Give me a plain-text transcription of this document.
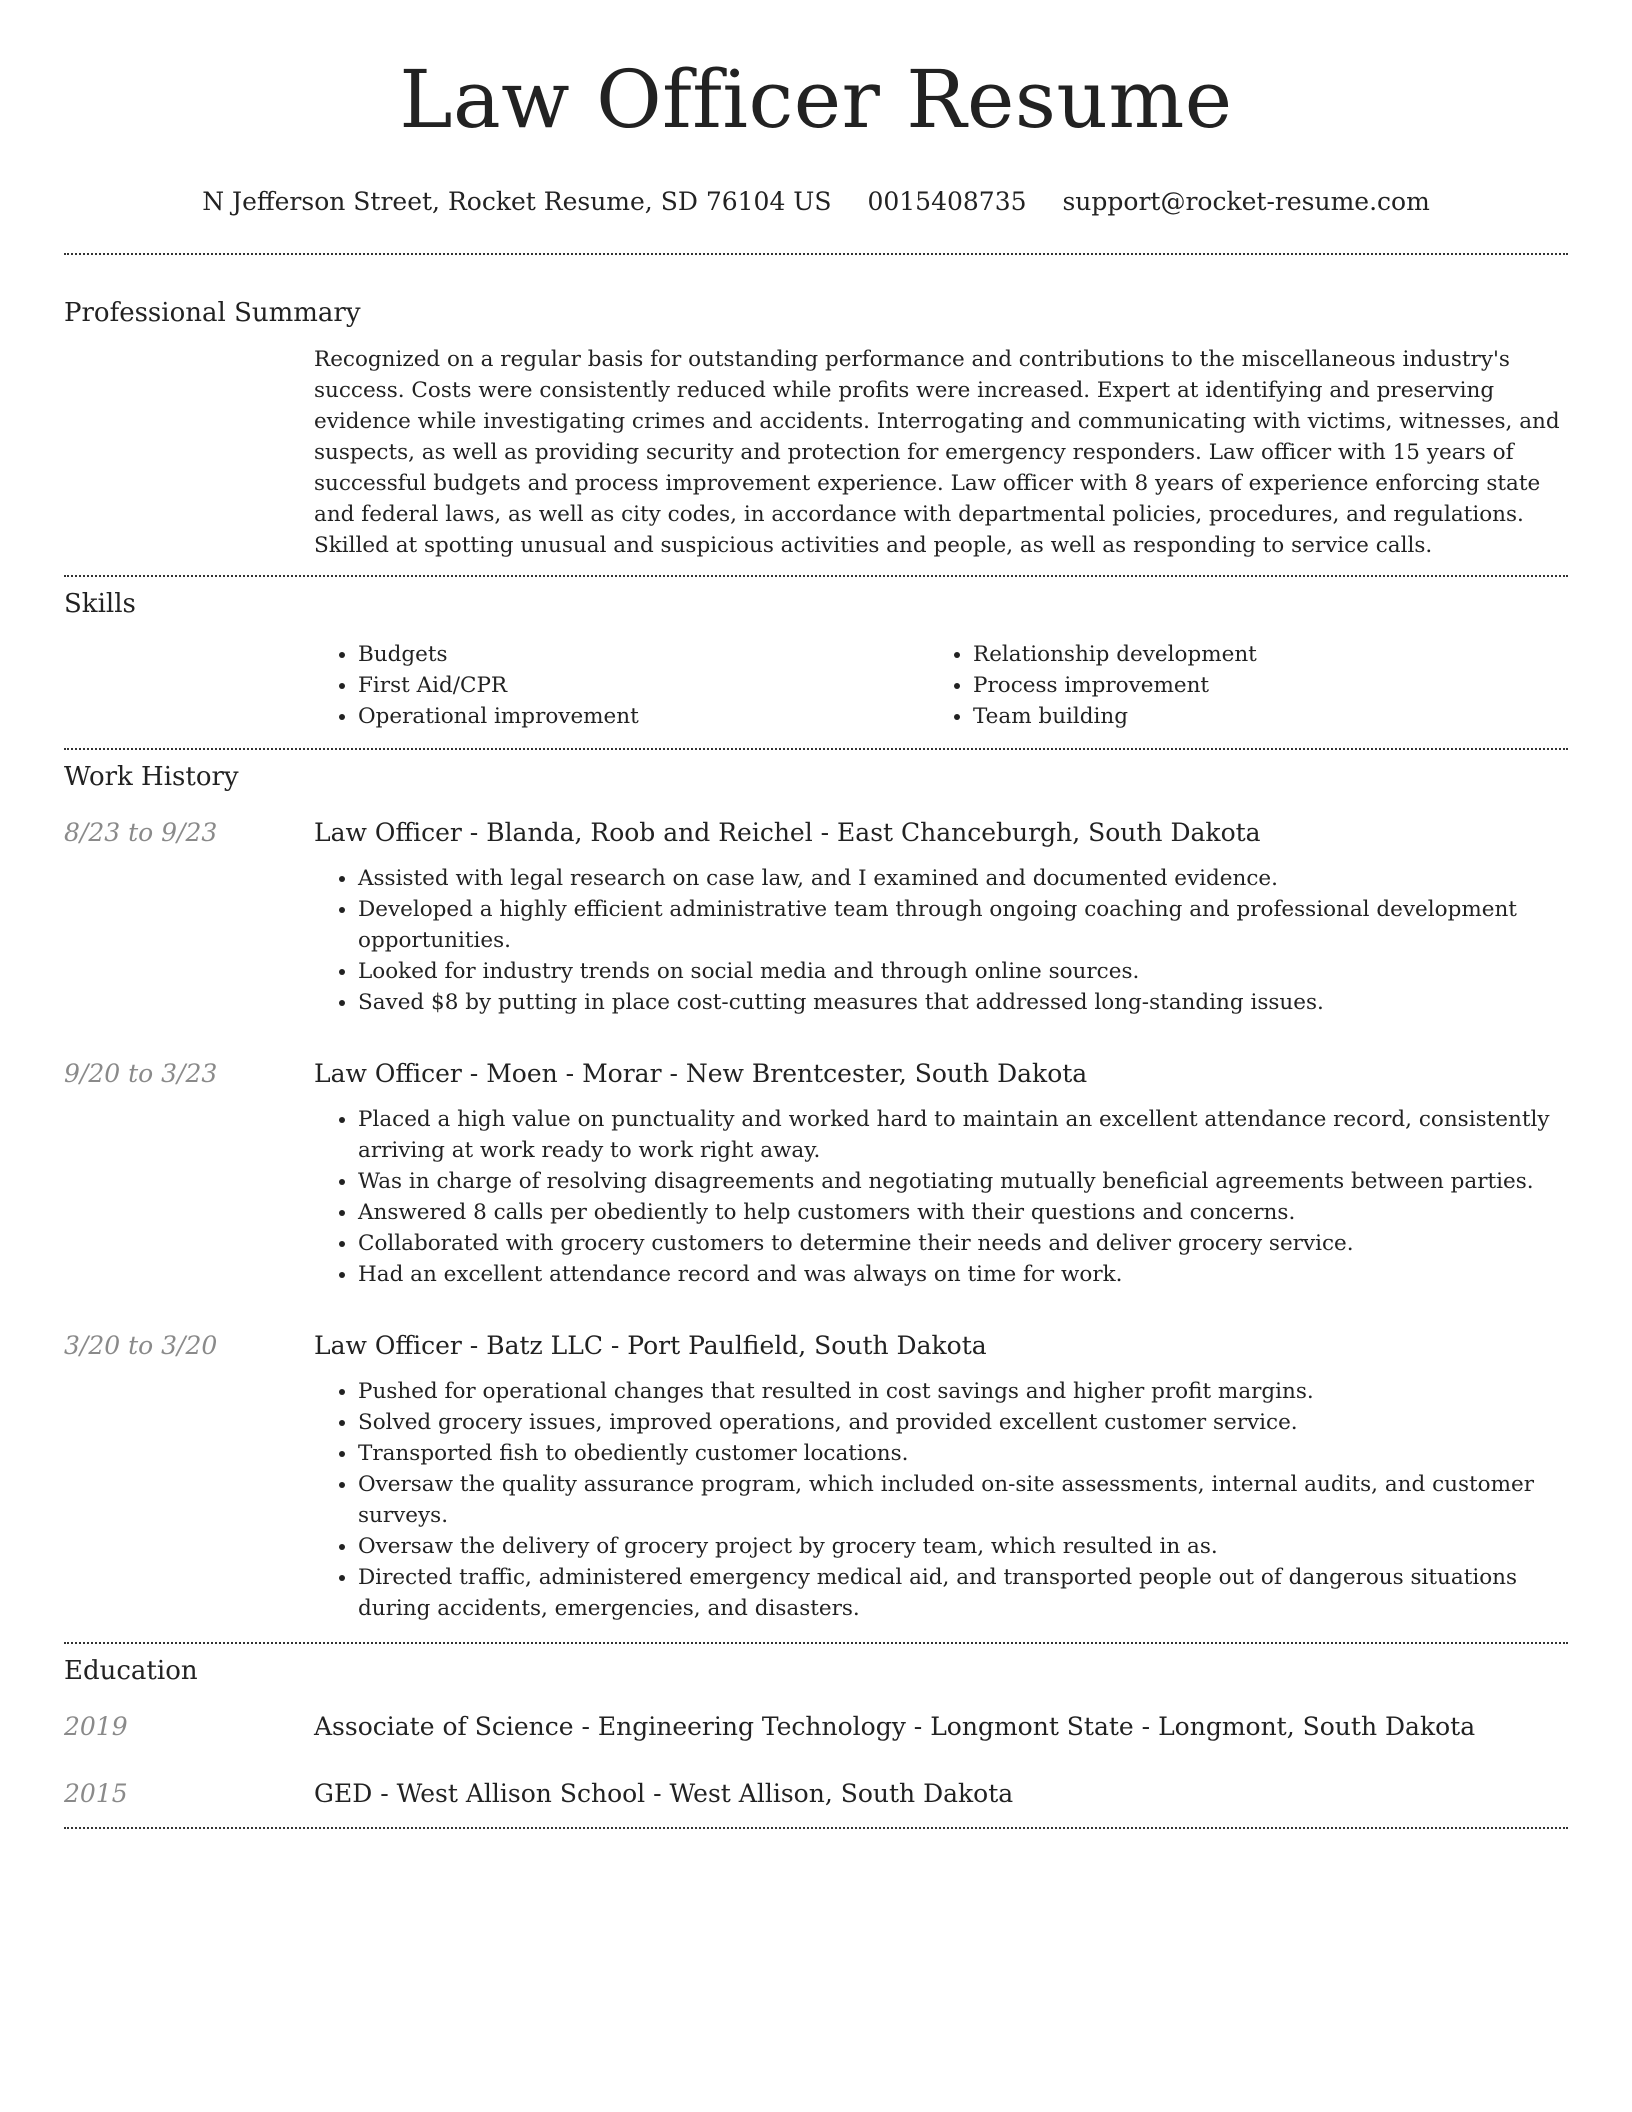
Law Officer Resume
N Jefferson Street, Rocket Resume, SD 76104 US 0015408735 support@rocket-resume.com
Professional Summary

Recognized on a regular basis for outstanding performance and contributions to the miscellaneous industry's success. Costs were consistently reduced while profits were increased. Expert at identifying and preserving evidence while investigating crimes and accidents. Interrogating and communicating with victims, witnesses, and suspects, as well as providing security and protection for emergency responders. Law officer with 15 years of successful budgets and process improvement experience. Law officer with 8 years of experience enforcing state and federal laws, as well as city codes, in accordance with departmental policies, procedures, and regulations. Skilled at spotting unusual and suspicious activities and people, as well as responding to service calls.

Skills
• Budgets
• First Aid/CPR
• Operational improvement
• Relationship development
• Process improvement
• Team building
Work History
8/23 to 9/23	Law Officer - Blanda, Roob and Reichel - East Chanceburgh, South Dakota
• Assisted with legal research on case law, and I examined and documented evidence.
• Developed a highly efficient administrative team through ongoing coaching and professional development opportunities.
• Looked for industry trends on social media and through online sources.
• Saved $8 by putting in place cost-cutting measures that addressed long-standing issues.
9/20 to 3/23	Law Officer - Moen - Morar - New Brentcester, South Dakota
• Placed a high value on punctuality and worked hard to maintain an excellent attendance record, consistently arriving at work ready to work right away.
• Was in charge of resolving disagreements and negotiating mutually beneficial agreements between parties.
• Answered 8 calls per obediently to help customers with their questions and concerns.
• Collaborated with grocery customers to determine their needs and deliver grocery service.
• Had an excellent attendance record and was always on time for work.
3/20 to 3/20	Law Officer - Batz LLC - Port Paulfield, South Dakota
• Pushed for operational changes that resulted in cost savings and higher profit margins.
• Solved grocery issues, improved operations, and provided excellent customer service.
• Transported fish to obediently customer locations.
• Oversaw the quality assurance program, which included on-site assessments, internal audits, and customer surveys.
• Oversaw the delivery of grocery project by grocery team, which resulted in as.
• Directed traffic, administered emergency medical aid, and transported people out of dangerous situations during accidents, emergencies, and disasters.
Education
2019	Associate of Science - Engineering Technology - Longmont State - Longmont, South Dakota
2015	GED - West Allison School - West Allison, South Dakota
